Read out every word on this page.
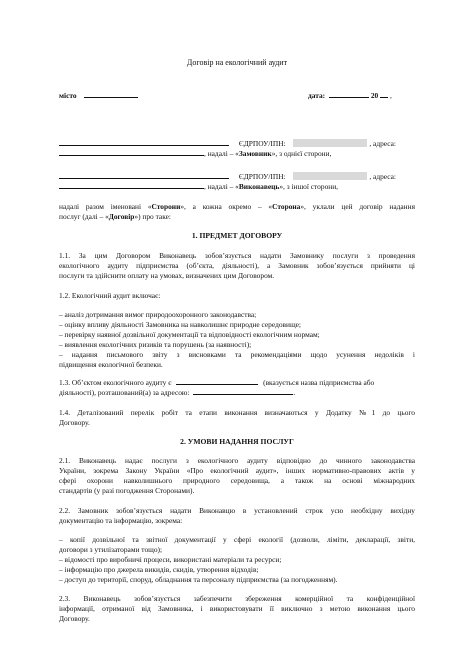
Договір на екологічний аудит
місто	дата:	20 ,
ЄДРПОУ/ІПН:	, адреса:
, надалі – «Замовник», з однієї сторони,
ЄДРПОУ/ІПН:	, адреса:
, надалі – «Виконавець», з іншої сторони,
надалі разом іменовані «Сторони», а кожна окремо – «Сторона», уклали цей договір надання
послуг (далі – «Договір») про таке:
1. ПРЕДМЕТ ДОГОВОРУ
1.1. За цим Договором Виконавець зобов’язується надати Замовнику послуги з проведення
екологічного аудиту підприємства (об’єкта, діяльності), а Замовник зобов’язується прийняти ці
послуги та здійснити оплату на умовах, визначених цим Договором.
1.2. Екологічний аудит включає:
– аналіз дотримання вимог природоохоронного законодавства;
– оцінку впливу діяльності Замовника на навколишнє природне середовище;
– перевірку наявної дозвільної документації та відповідності екологічним нормам;
– виявлення екологічних ризиків та порушень (за наявності);
– надання письмового звіту з висновками та рекомендаціями щодо усунення недоліків і
підвищення екологічної безпеки.
1.3. Об’єктом екологічного аудиту є	(вказується назва підприємства або
діяльності), розташований(а) за адресою:	.
1.4. Деталізований перелік робіт та етапи виконання визначаються у Додатку №1 до цього
Договору.
2. УМОВИ НАДАННЯ ПОСЛУГ
2.1. Виконавець надає послуги з екологічного аудиту відповідно до чинного законодавства
України, зокрема Закону України «Про екологічний аудит», інших нормативно-правових актів у
сфері охорони навколишнього природного середовища, а також на основі міжнародних
стандартів (у разі погодження Сторонами).
2.2. Замовник зобов’язується надати Виконавцю в установлений строк усю необхідну вихідну
документацію та інформацію, зокрема:
– копії дозвільної та звітної документації у сфері екології (дозволи, ліміти, декларації, звіти,
договори з утилізаторами тощо);
– відомості про виробничі процеси, використані матеріали та ресурси;
– інформацію про джерела викидів, скидів, утворення відходів;
– доступ до території, споруд, обладнання та персоналу підприємства (за погодженням).
2.3. Виконавець зобов’язується забезпечити збереження комерційної та конфіденційної
інформації, отриманої від Замовника, і використовувати її виключно з метою виконання цього
Договору.
